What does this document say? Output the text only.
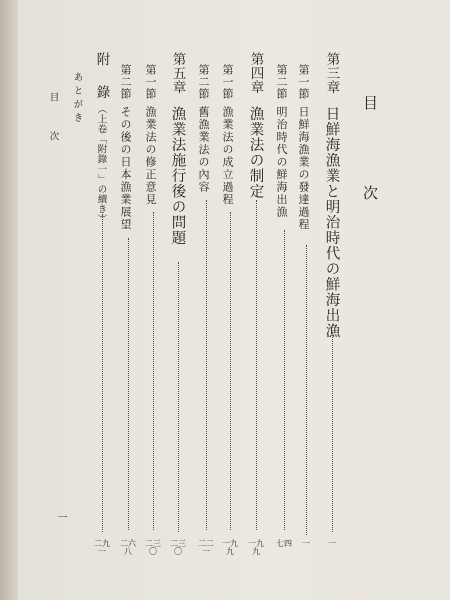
目　次
第三章
日鮮海漁業と明治時代の鮮海出漁
一
第一節
日鮮海漁業の發達過程
一
第二節
明治時代の鮮海出漁
七四
第四章
漁業法の制定
一九九
第一節
漁業法の成立過程
一九九
第二節
舊漁業法の內容
二二一
第五章
漁業法施行後の問題
二三〇
第一節
漁業法の修正意見
二三〇
第二節
その後の日本漁業展望
二六八
附　錄
（上卷「附錄一」の續き）
二九一
あとがき
目　次
一
